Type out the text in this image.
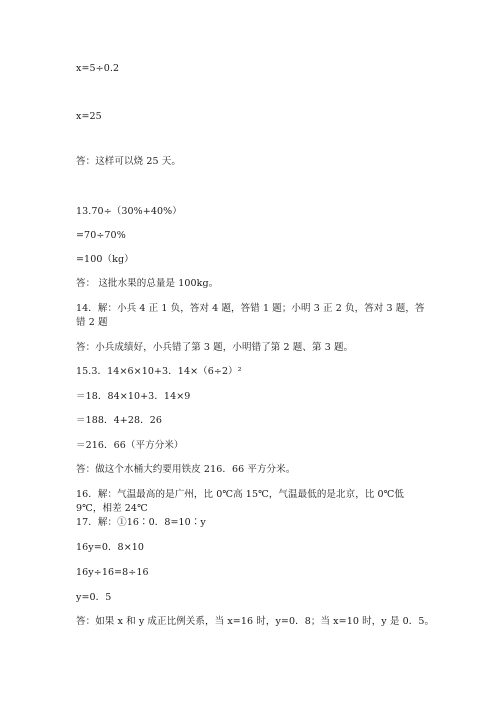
x=5÷0.2
x=25
答：这样可以烧 25 天。
13.70÷（30%+40%）
=70÷70%
=100（kg）
答： 这批水果的总量是 100kg。
14．解：小兵 4 正 1 负，答对 4 题，答错 1 题；小明 3 正 2 负，答对 3 题，答错 2 题
答：小兵成绩好，小兵错了第 3 题，小明错了第 2 题、第 3 题。
15.3．14×6×10+3．14×（6÷2）²
＝18．84×10+3．14×9
＝188．4+28．26
＝216．66（平方分米）
答：做这个水桶大约要用铁皮 216．66 平方分米。
16．解：气温最高的是广州，比 0℃高 15℃，气温最低的是北京，比 0℃低 9℃，相差 24℃
17．解：①16∶0．8=10∶y
16y=0．8×10
16y÷16=8÷16
y=0．5
答：如果 x 和 y 成正比例关系，当 x=16 时，y=0．8；当 x=10 时，y 是 0．5。
